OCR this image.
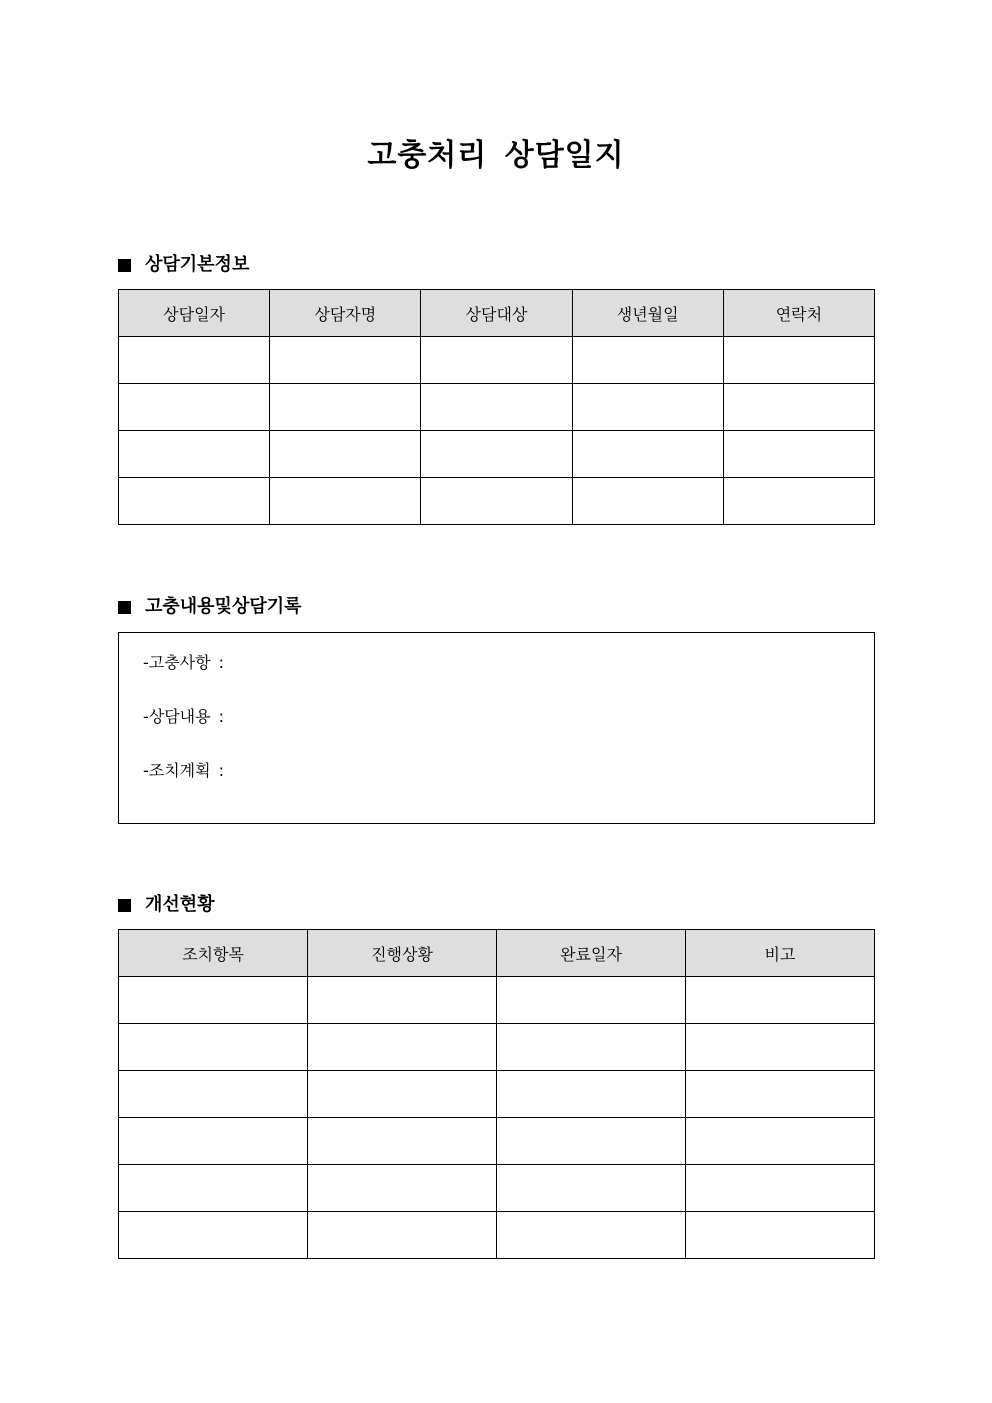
고충처리 상담일지
상담기본정보
상담일자	상담자명	상담대상	생년월일	연락처

고충내용및상담기록
-고충사항 :
-상담내용 :
-조치계획 :
개선현황
조치항목	진행상황	완료일자	비고
